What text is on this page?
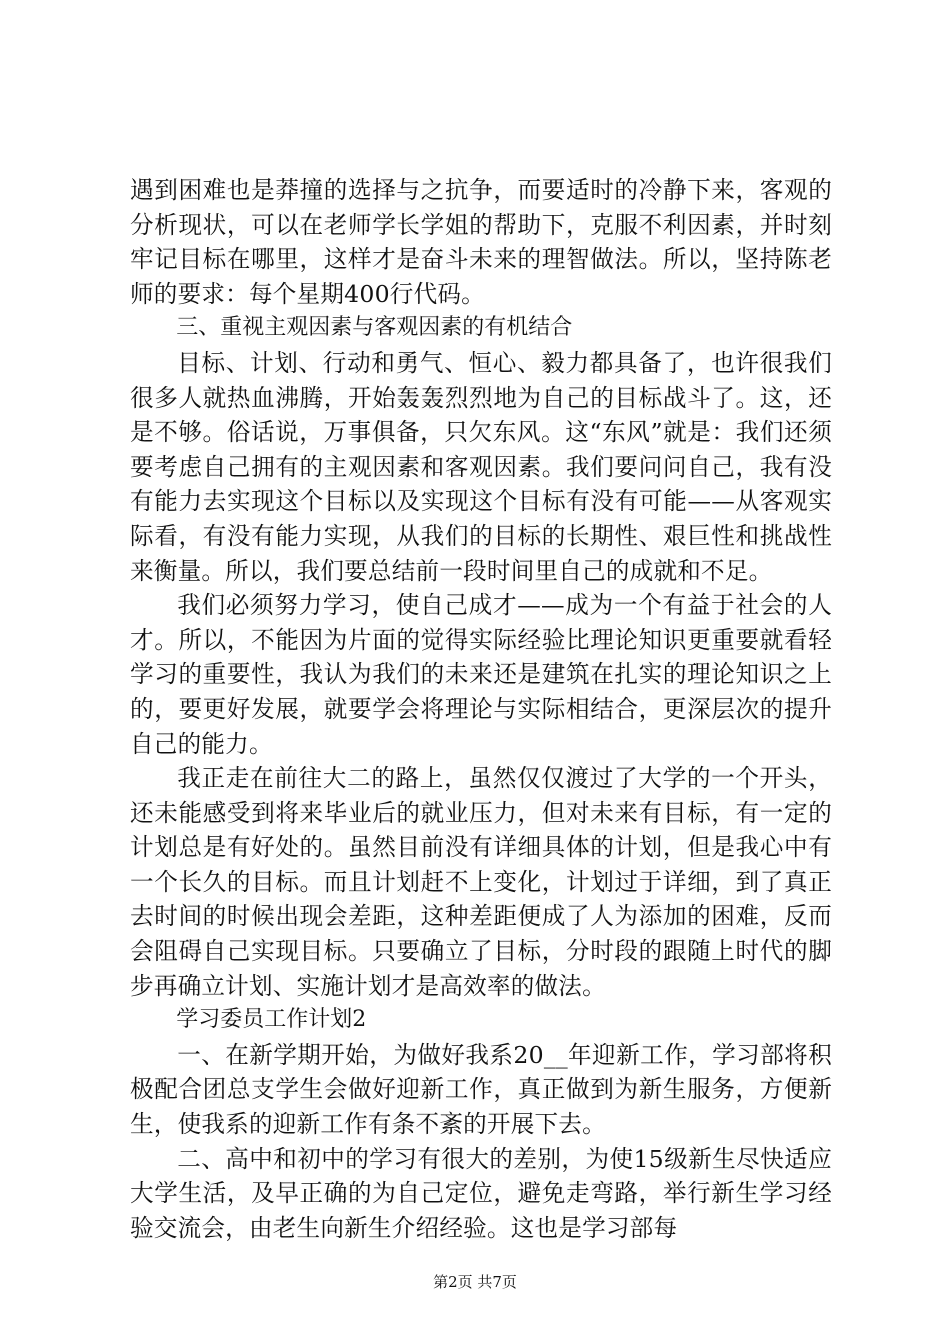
遇到困难也是莽撞的选择与之抗争，而要适时的冷静下来，客观的分析现状，可以在老师学长学姐的帮助下，克服不利因素，并时刻牢记目标在哪里，这样才是奋斗未来的理智做法。所以，坚持陈老师的要求：每个星期400行代码。

三、重视主观因素与客观因素的有机结合

目标、计划、行动和勇气、恒心、毅力都具备了，也许很我们很多人就热血沸腾，开始轰轰烈烈地为自己的目标战斗了。这，还是不够。俗话说，万事俱备，只欠东风。这“东风”就是：我们还须要考虑自己拥有的主观因素和客观因素。我们要问问自己，我有没有能力去实现这个目标以及实现这个目标有没有可能——从客观实际看，有没有能力实现，从我们的目标的长期性、艰巨性和挑战性来衡量。所以，我们要总结前一段时间里自己的成就和不足。

我们必须努力学习，使自己成才——成为一个有益于社会的人才。所以，不能因为片面的觉得实际经验比理论知识更重要就看轻学习的重要性，我认为我们的未来还是建筑在扎实的理论知识之上的，要更好发展，就要学会将理论与实际相结合，更深层次的提升自己的能力。

我正走在前往大二的路上，虽然仅仅渡过了大学的一个开头，还未能感受到将来毕业后的就业压力，但对未来有目标，有一定的计划总是有好处的。虽然目前没有详细具体的计划，但是我心中有一个长久的目标。而且计划赶不上变化，计划过于详细，到了真正去时间的时候出现会差距，这种差距便成了人为添加的困难，反而会阻碍自己实现目标。只要确立了目标，分时段的跟随上时代的脚步再确立计划、实施计划才是高效率的做法。

学习委员工作计划2

一、在新学期开始，为做好我系20__年迎新工作，学习部将积极配合团总支学生会做好迎新工作，真正做到为新生服务，方便新生，使我系的迎新工作有条不紊的开展下去。

二、高中和初中的学习有很大的差别，为使15级新生尽快适应大学生活，及早正确的为自己定位，避免走弯路，举行新生学习经验交流会，由老生向新生介绍经验。这也是学习部每

第2页 共7页
